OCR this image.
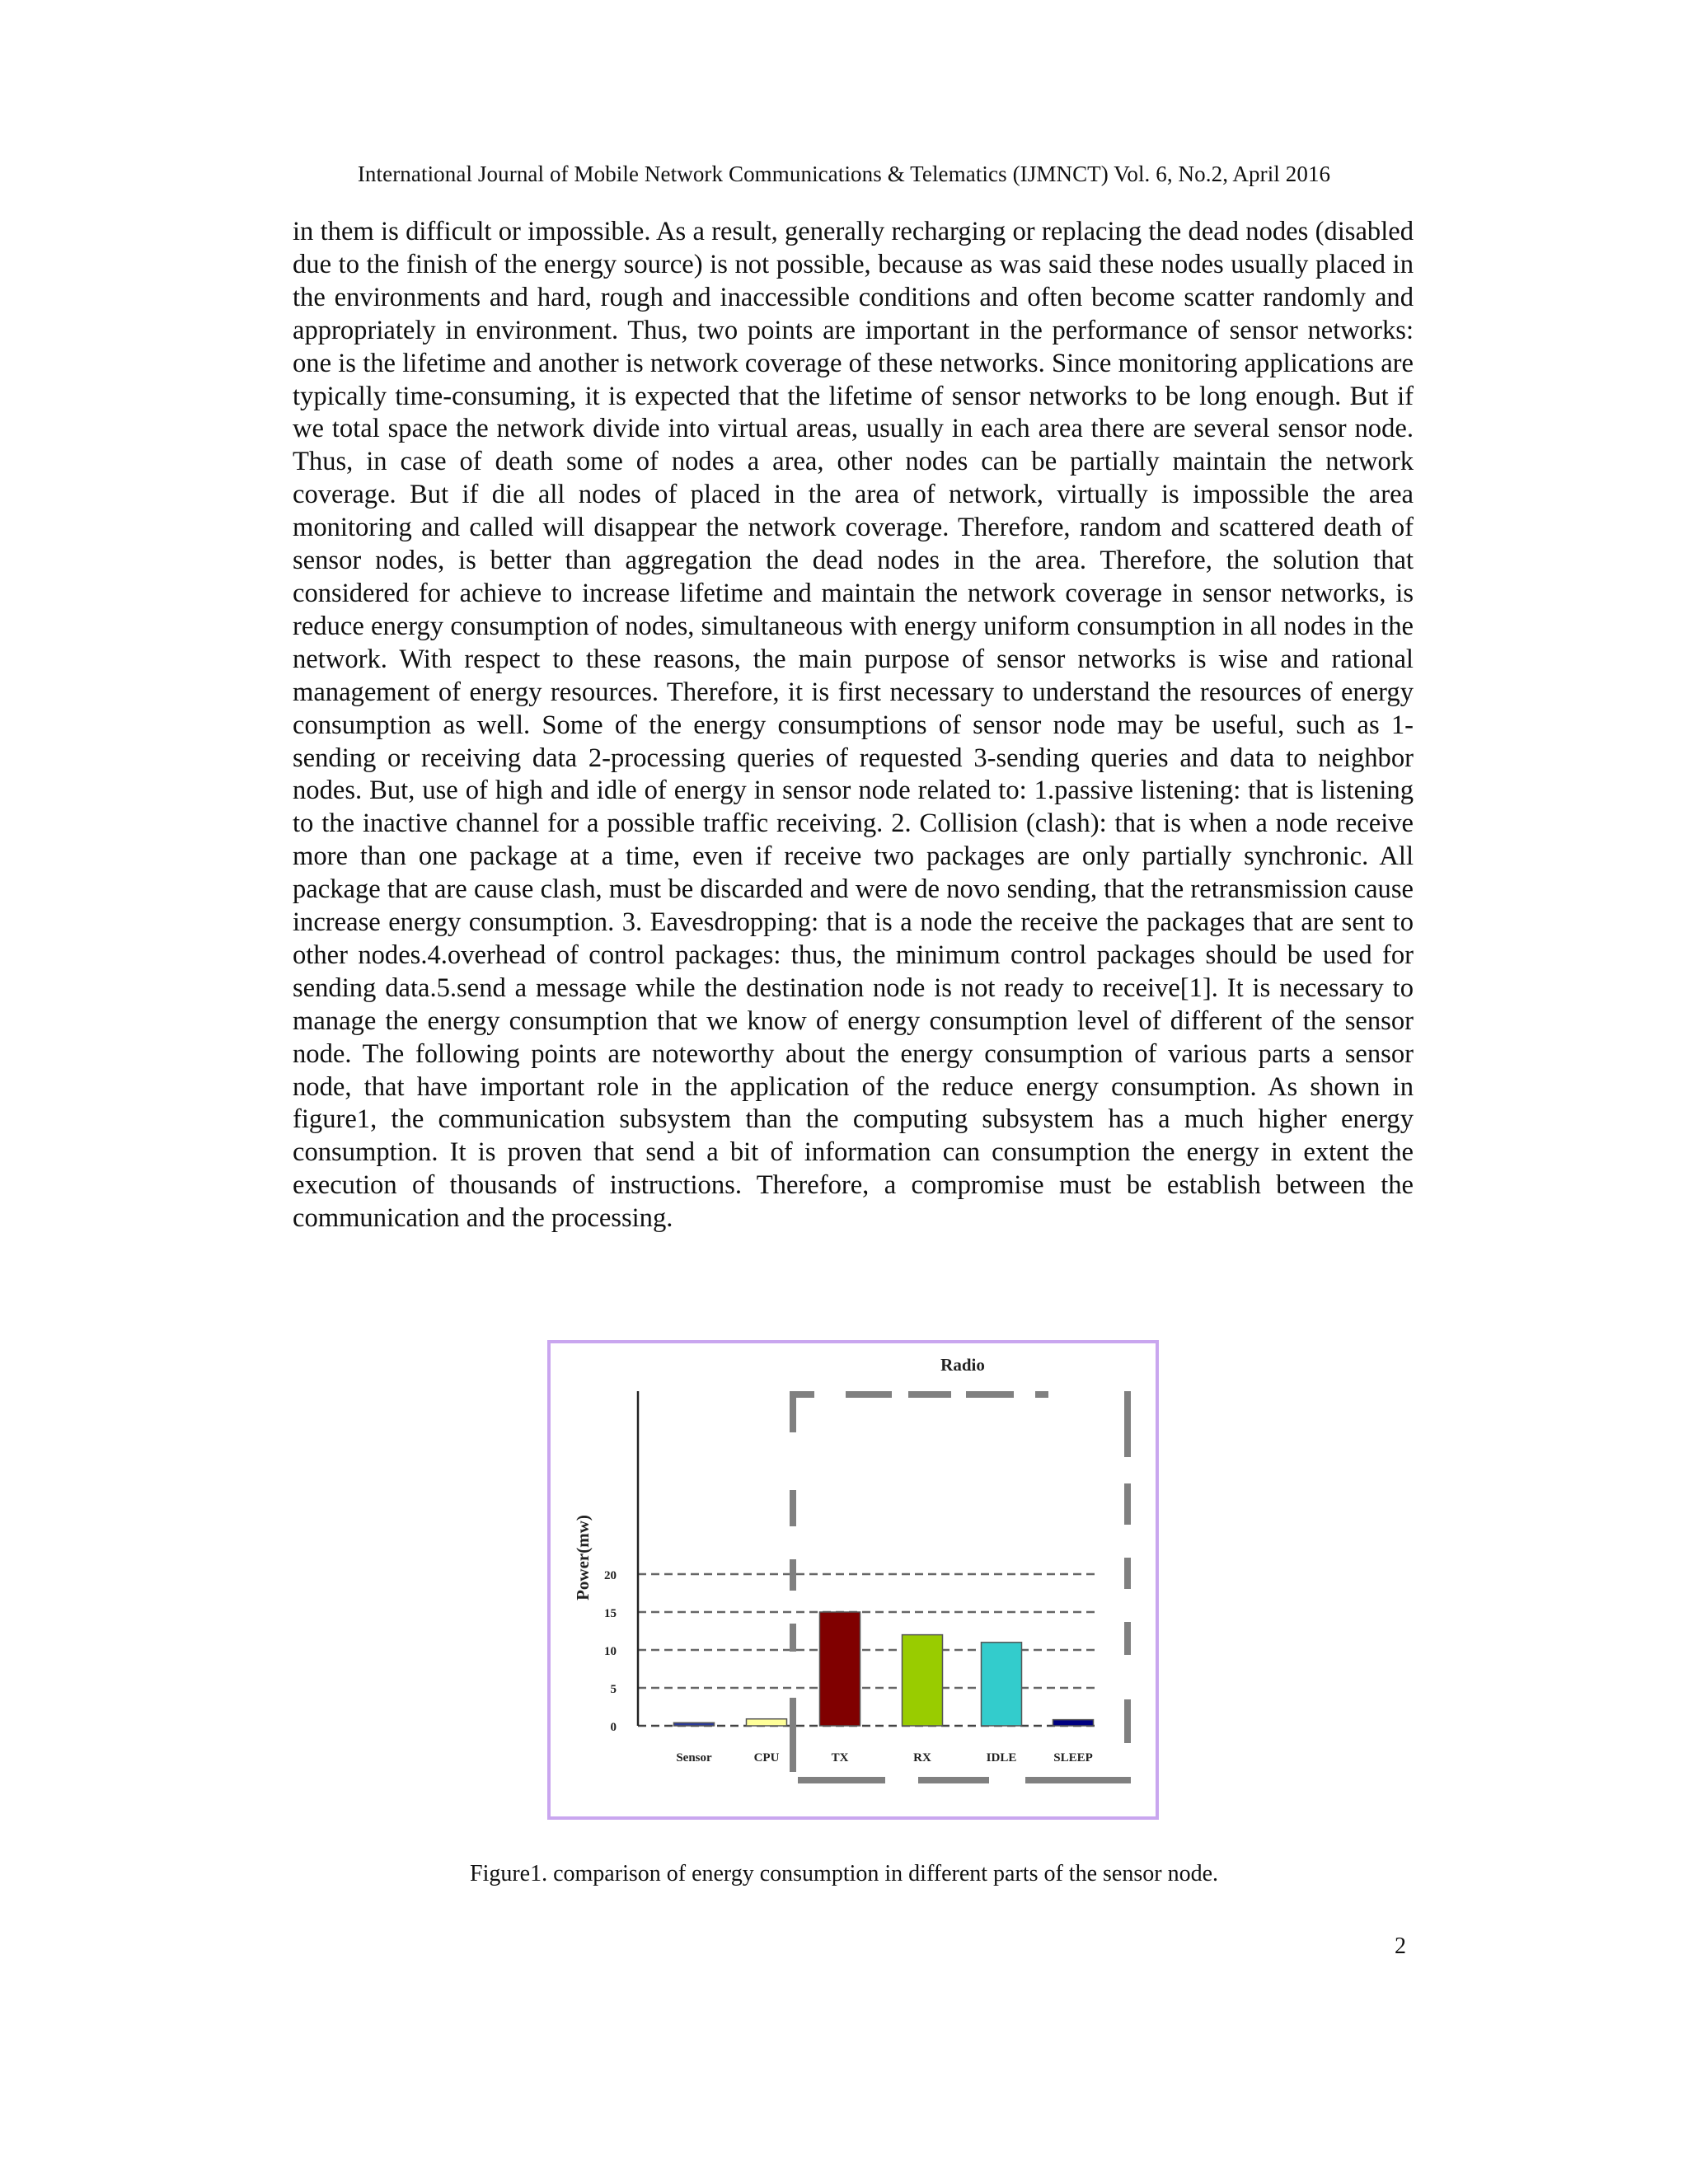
International Journal of Mobile Network Communications & Telematics (IJMNCT) Vol. 6, No.2, April 2016
in them is difficult or impossible. As a result, generally recharging or replacing the dead nodes (disabled due to the finish of the energy source) is not possible, because as was said these nodes usually placed in the environments and hard, rough and inaccessible conditions and often become scatter randomly and appropriately in environment. Thus, two points are important in the performance of sensor networks: one is the lifetime and another is network coverage of these networks. Since monitoring applications are typically time-consuming, it is expected that the lifetime of sensor networks to be long enough. But if we total space the network divide into virtual areas, usually in each area there are several sensor node. Thus, in case of death some of nodes a area, other nodes can be partially maintain the network coverage. But if die all nodes of placed in the area of network, virtually is impossible the area monitoring and called will disappear the network coverage. Therefore, random and scattered death of sensor nodes, is better than aggregation the dead nodes in the area. Therefore, the solution that considered for achieve to increase lifetime and maintain the network coverage in sensor networks, is reduce energy consumption of nodes, simultaneous with energy uniform consumption in all nodes in the network. With respect to these reasons, the main purpose of sensor networks is wise and rational management of energy resources. Therefore, it is first necessary to understand the resources of energy consumption as well. Some of the energy consumptions of sensor node may be useful, such as 1-sending or receiving data 2-processing queries of requested 3-sending queries and data to neighbor nodes. But, use of high and idle of energy in sensor node related to: 1.passive listening: that is listening to the inactive channel for a possible traffic receiving. 2. Collision (clash): that is when a node receive more than one package at a time, even if receive two packages are only partially synchronic. All package that are cause clash, must be discarded and were de novo sending, that the retransmission cause increase energy consumption. 3. Eavesdropping: that is a node the receive the packages that are sent to other nodes.4.overhead of control packages: thus, the minimum control packages should be used for sending data.5.send a message while the destination node is not ready to receive[1]. It is necessary to manage the energy consumption that we know of energy consumption level of different of the sensor node. The following points are noteworthy about the energy consumption of various parts a sensor node, that have important role in the application of the reduce energy consumption. As shown in figure1, the communication subsystem than the computing subsystem has a much higher energy consumption. It is proven that send a bit of information can consumption the energy in extent the execution of thousands of instructions. Therefore, a compromise must be establish between the communication and the processing.
0
5
10
15
20
Power(mw)
Sensor	CPU	TX	RX	IDLE	SLEEP
Radio
Figure1. comparison of energy consumption in different parts of the sensor node.
2
